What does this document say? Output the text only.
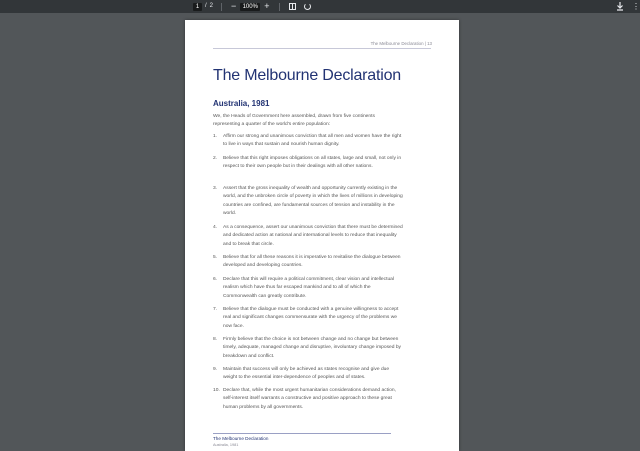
1 / 2 −	100% +	⋮
The Melbourne Declaration | 13
The Melbourne Declaration
Australia, 1981
We, the Heads of Government here assembled, drawn from five continents representing a quarter of the world's entire population:
1.	Affirm our strong and unanimous conviction that all men and women have the right to live in ways that sustain and nourish human dignity.
2.	Believe that this right imposes obligations on all states, large and small, not only in respect to their own people but in their dealings with all other nations.
3.	Assert that the gross inequality of wealth and opportunity currently existing in the world, and the unbroken circle of poverty in which the lives of millions in developing countries are confined, are fundamental sources of tension and instability in the world.
4.	As a consequence, assert our unanimous conviction that there must be determined and dedicated action at national and international levels to reduce that inequality and to break that circle.
5.	Believe that for all these reasons it is imperative to revitalise the dialogue between developed and developing countries.
6.	Declare that this will require a political commitment, clear vision and intellectual realism which have thus far escaped mankind and to all of which the Commonwealth can greatly contribute.
7.	Believe that the dialogue must be conducted with a genuine willingness to accept real and significant changes commensurate with the urgency of the problems we now face.
8.	Firmly believe that the choice is not between change and no change but between timely, adequate, managed change and disruptive, involuntary change imposed by breakdown and conflict.
9.	Maintain that success will only be achieved as states recognise and give due weight to the essential inter-dependence of peoples and of states.
10. Declare that, while the most urgent humanitarian considerations demand action, self-interest itself warrants a constructive and positive approach to these great human problems by all governments.
The Melbourne Declaration
Australia, 1981
